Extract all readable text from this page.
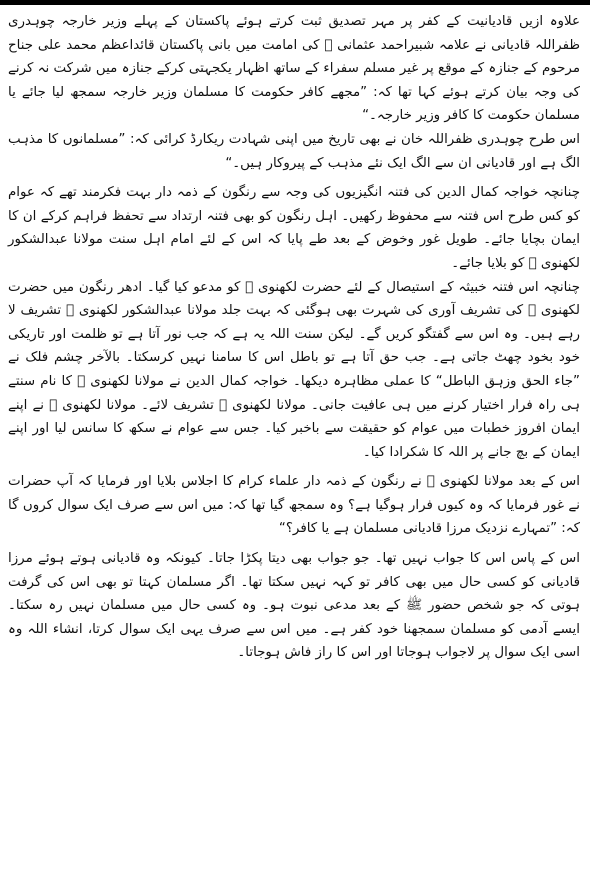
علاوہ ازیں قادیانیت کے کفر پر مہر تصدیق ثبت کرتے ہوئے پاکستان کے پہلے وزیر خارجہ چوہدری ظفراللہ قادیانی نے علامہ شبیراحمد عثمانی ﷫ کی امامت میں بانی پاکستان قائداعظم محمد علی جناح مرحوم کے جنازہ کے موقع پر غیر مسلم سفراء کے ساتھ اظہار یکجہتی کرکے جنازہ میں شرکت نہ کرنے کی وجہ بیان کرتے ہوئے کہا تھا کہ: ”مجھے کافر حکومت کا مسلمان وزیر خارجہ سمجھ لیا جائے یا مسلمان حکومت کا کافر وزیر خارجہ۔“

اس طرح چوہدری ظفراللہ خان نے بھی تاریخ میں اپنی شہادت ریکارڈ کرائی کہ: ”مسلمانوں کا مذہب الگ ہے اور قادیانی ان سے الگ ایک نئے مذہب کے پیروکار ہیں۔“

چنانچہ خواجہ کمال الدین کی فتنہ انگیزیوں کی وجہ سے رنگون کے ذمہ دار بہت فکرمند تھے کہ عوام کو کس طرح اس فتنہ سے محفوظ رکھیں۔ اہل رنگون کو بھی فتنہ ارتداد سے تحفظ فراہم کرکے ان کا ایمان بچایا جائے۔ طویل غور وخوض کے بعد طے پایا کہ اس کے لئے امام اہل سنت مولانا عبدالشکور لکھنوی ﷫ کو بلایا جائے۔

چنانچہ اس فتنہ خبیثہ کے استیصال کے لئے حضرت لکھنوی ﷫ کو مدعو کیا گیا۔ ادھر رنگون میں حضرت لکھنوی ﷫ کی تشریف آوری کی شہرت بھی ہوگئی کہ بہت جلد مولانا عبدالشکور لکھنوی ﷫ تشریف لا رہے ہیں۔ وہ اس سے گفتگو کریں گے۔ لیکن سنت اللہ یہ ہے کہ جب نور آتا ہے تو ظلمت اور تاریکی خود بخود چھٹ جاتی ہے۔ جب حق آتا ہے تو باطل اس کا سامنا نہیں کرسکتا۔ بالآخر چشم فلک نے ”جاء الحق وزہق الباطل“ کا عملی مظاہرہ دیکھا۔ خواجہ کمال الدین نے مولانا لکھنوی ﷫ کا نام سنتے ہی راہ فرار اختیار کرنے میں ہی عافیت جانی۔ مولانا لکھنوی ﷫ تشریف لائے۔ مولانا لکھنوی ﷫ نے اپنے ایمان افروز خطبات میں عوام کو حقیقت سے باخبر کیا۔ جس سے عوام نے سکھ کا سانس لیا اور اپنے ایمان کے بچ جانے پر اللہ کا شکرادا کیا۔

اس کے بعد مولانا لکھنوی ﷫ نے رنگون کے ذمہ دار علماء کرام کا اجلاس بلایا اور فرمایا کہ آپ حضرات نے غور فرمایا کہ وہ کیوں فرار ہوگیا ہے؟ وہ سمجھ گیا تھا کہ: میں اس سے صرف ایک سوال کروں گا کہ: ”تمہارے نزدیک مرزا قادیانی مسلمان ہے یا کافر؟“

اس کے پاس اس کا جواب نہیں تھا۔ جو جواب بھی دیتا پکڑا جاتا۔ کیونکہ وہ قادیانی ہوتے ہوئے مرزا قادیانی کو کسی حال میں بھی کافر تو کہہ نہیں سکتا تھا۔ اگر مسلمان کہتا تو بھی اس کی گرفت ہوتی کہ جو شخص حضور ﷺ کے بعد مدعی نبوت ہو۔ وہ کسی حال میں مسلمان نہیں رہ سکتا۔ ایسے آدمی کو مسلمان سمجھنا خود کفر ہے۔ میں اس سے صرف یہی ایک سوال کرتا، انشاء اللہ وہ اسی ایک سوال پر لاجواب ہوجاتا اور اس کا راز فاش ہوجاتا۔
